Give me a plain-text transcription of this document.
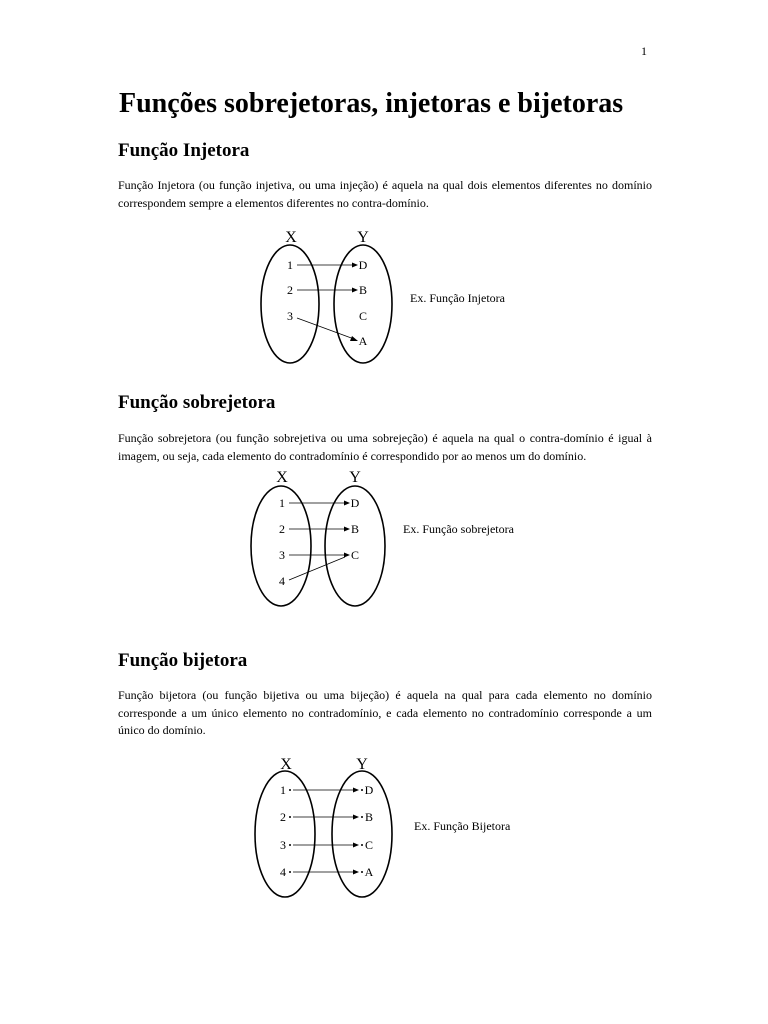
1
Funções sobrejetoras, injetoras e bijetoras
Função Injetora

Função Injetora (ou função injetiva, ou uma injeção) é aquela na qual dois elementos diferentes no domínio correspondem sempre a elementos diferentes no contra-domínio.

X	Y
1
2
3
D
B
C
A
Ex. Função Injetora
Função sobrejetora

Função sobrejetora (ou função sobrejetiva ou uma sobrejeção) é aquela na qual o contra-domínio é igual à imagem, ou seja, cada elemento do contradomínio é correspondido por ao menos um do domínio.

X	Y
1
2
3
4
D
B
C
Ex. Função sobrejetora
Função bijetora

Função bijetora (ou função bijetiva ou uma bijeção) é aquela na qual para cada elemento no domínio corresponde a um único elemento no contradomínio, e cada elemento no contradomínio corresponde a um único do domínio.

X	Y
1
2
3
4
D
B
C
A
Ex. Função Bijetora
